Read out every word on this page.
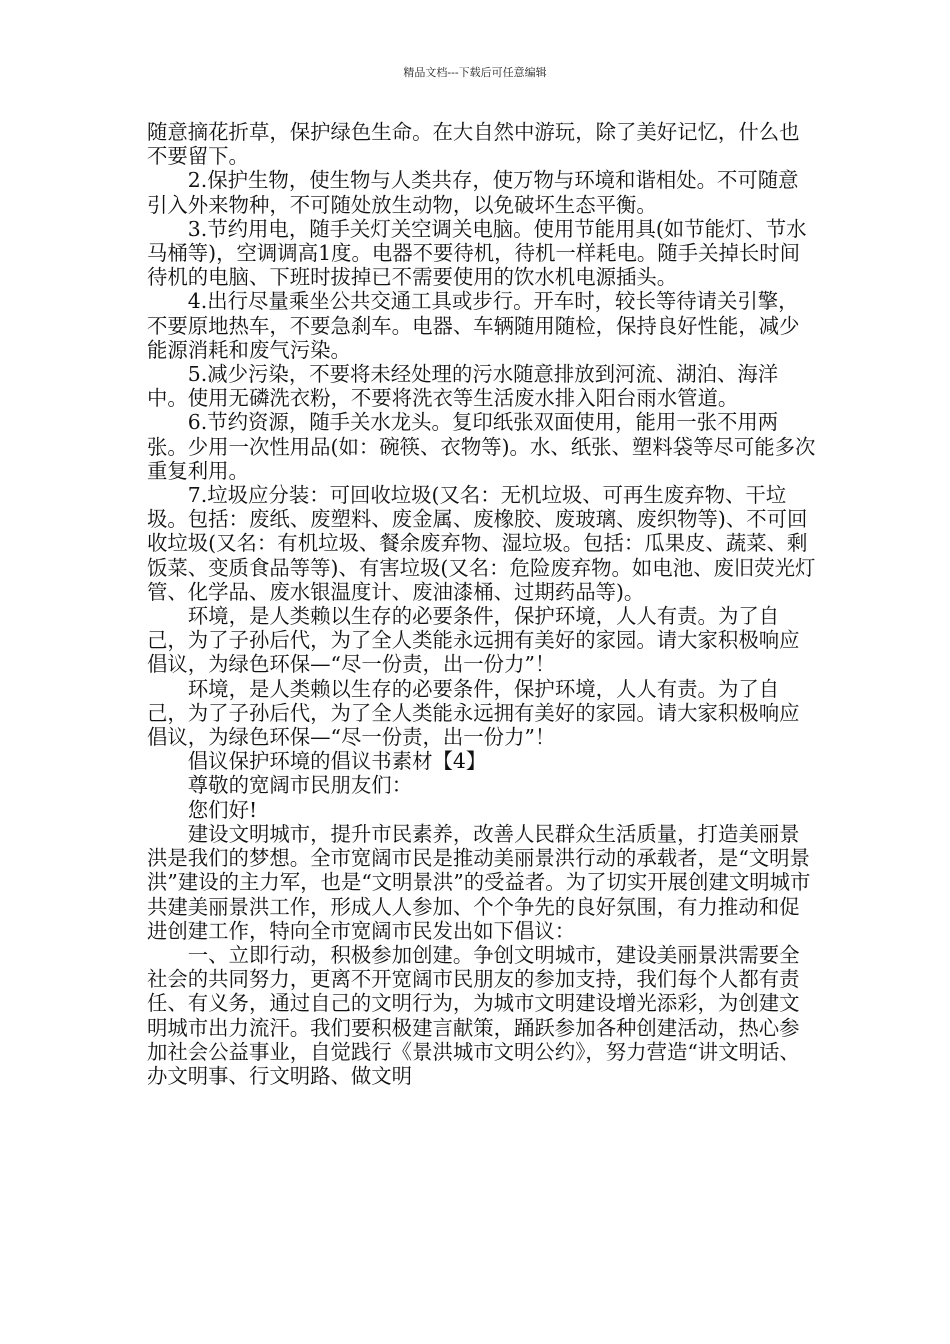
精品文档---下载后可任意编辑

随意摘花折草，保护绿色生命。在大自然中游玩，除了美好记忆，什么也不要留下。

2.保护生物，使生物与人类共存，使万物与环境和谐相处。不可随意引入外来物种，不可随处放生动物，以免破坏生态平衡。

3.节约用电，随手关灯关空调关电脑。使用节能用具(如节能灯、节水马桶等)，空调调高1度。电器不要待机，待机一样耗电。随手关掉长时间待机的电脑、下班时拔掉已不需要使用的饮水机电源插头。

4.出行尽量乘坐公共交通工具或步行。开车时，较长等待请关引擎，不要原地热车，不要急刹车。电器、车辆随用随检，保持良好性能，减少能源消耗和废气污染。

5.减少污染，不要将未经处理的污水随意排放到河流、湖泊、海洋中。使用无磷洗衣粉，不要将洗衣等生活废水排入阳台雨水管道。

6.节约资源，随手关水龙头。复印纸张双面使用，能用一张不用两张。少用一次性用品(如：碗筷、衣物等)。水、纸张、塑料袋等尽可能多次重复利用。

7.垃圾应分装：可回收垃圾(又名：无机垃圾、可再生废弃物、干垃圾。包括：废纸、废塑料、废金属、废橡胶、废玻璃、废织物等)、不可回收垃圾(又名：有机垃圾、餐余废弃物、湿垃圾。包括：瓜果皮、蔬菜、剩饭菜、变质食品等等)、有害垃圾(又名：危险废弃物。如电池、废旧荧光灯管、化学品、废水银温度计、废油漆桶、过期药品等)。

环境，是人类赖以生存的必要条件，保护环境，人人有责。为了自己，为了子孙后代，为了全人类能永远拥有美好的家园。请大家积极响应倡议，为绿色环保—“尽一份责，出一份力”！

环境，是人类赖以生存的必要条件，保护环境，人人有责。为了自己，为了子孙后代，为了全人类能永远拥有美好的家园。请大家积极响应倡议，为绿色环保—“尽一份责，出一份力”！

倡议保护环境的倡议书素材【4】

尊敬的宽阔市民朋友们：

您们好!

建设文明城市，提升市民素养，改善人民群众生活质量，打造美丽景洪是我们的梦想。全市宽阔市民是推动美丽景洪行动的承载者，是“文明景洪”建设的主力军，也是“文明景洪”的受益者。为了切实开展创建文明城市共建美丽景洪工作，形成人人参加、个个争先的良好氛围，有力推动和促进创建工作，特向全市宽阔市民发出如下倡议：

一、立即行动，积极参加创建。争创文明城市，建设美丽景洪需要全社会的共同努力，更离不开宽阔市民朋友的参加支持，我们每个人都有责任、有义务，通过自己的文明行为，为城市文明建设增光添彩，为创建文明城市出力流汗。我们要积极建言献策，踊跃参加各种创建活动，热心参加社会公益事业，自觉践行《景洪城市文明公约》，努力营造“讲文明话、办文明事、行文明路、做文明
